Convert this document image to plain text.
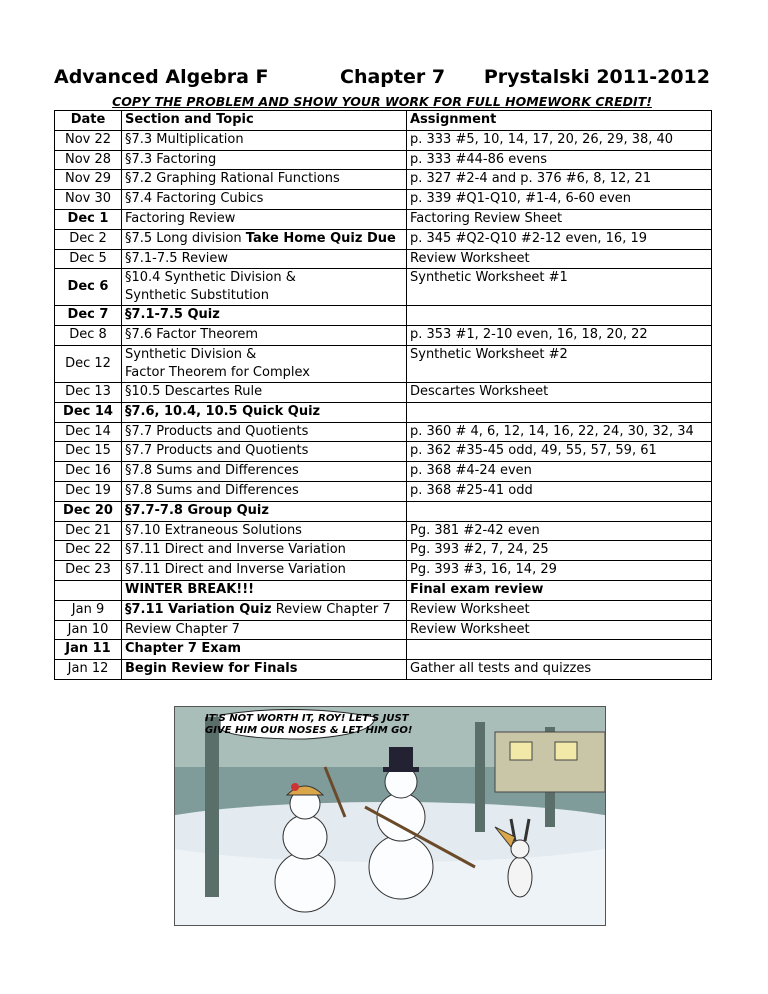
Advanced Algebra F	Chapter 7 Prystalski 2011-2012
COPY THE PROBLEM AND SHOW YOUR WORK FOR FULL HOMEWORK CREDIT!
Date	Section and Topic	Assignment
Nov 22	§7.3 Multiplication	p. 333 #5, 10, 14, 17, 20, 26, 29, 38, 40
Nov 28	§7.3 Factoring	p. 333 #44-86 evens
Nov 29	§7.2 Graphing Rational Functions	p. 327 #2-4 and p. 376 #6, 8, 12, 21
Nov 30	§7.4 Factoring Cubics	p. 339 #Q1-Q10, #1-4, 6-60 even
Dec 1	Factoring Review	Factoring Review Sheet
Dec 2	§7.5 Long division Take Home Quiz Due	p. 345 #Q2-Q10 #2-12 even, 16, 19
Dec 5	§7.1-7.5 Review	Review Worksheet
Dec 6	§10.4 Synthetic Division &
Synthetic Substitution	Synthetic Worksheet #1
Dec 7	§7.1-7.5 Quiz	
Dec 8	§7.6 Factor Theorem	p. 353 #1, 2-10 even, 16, 18, 20, 22
Dec 12	Synthetic Division &
Factor Theorem for Complex	Synthetic Worksheet #2
Dec 13	§10.5 Descartes Rule	Descartes Worksheet
Dec 14	§7.6, 10.4, 10.5 Quick Quiz	
Dec 14	§7.7 Products and Quotients	p. 360 # 4, 6, 12, 14, 16, 22, 24, 30, 32, 34
Dec 15	§7.7 Products and Quotients	p. 362 #35-45 odd, 49, 55, 57, 59, 61
Dec 16	§7.8 Sums and Differences	p. 368 #4-24 even
Dec 19	§7.8 Sums and Differences	p. 368 #25-41 odd
Dec 20	§7.7-7.8 Group Quiz	
Dec 21	§7.10 Extraneous Solutions	Pg. 381 #2-42 even
Dec 22	§7.11 Direct and Inverse Variation	Pg. 393 #2, 7, 24, 25
Dec 23	§7.11 Direct and Inverse Variation	Pg. 393 #3, 16, 14, 29
	WINTER BREAK!!!	Final exam review
Jan 9	§7.11 Variation Quiz Review Chapter 7	Review Worksheet
Jan 10	Review Chapter 7	Review Worksheet
Jan 11	Chapter 7 Exam	
Jan 12	Begin Review for Finals	Gather all tests and quizzes
IT'S NOT WORTH IT, ROY! LET'S JUST
GIVE HIM OUR NOSES & LET HIM GO!
